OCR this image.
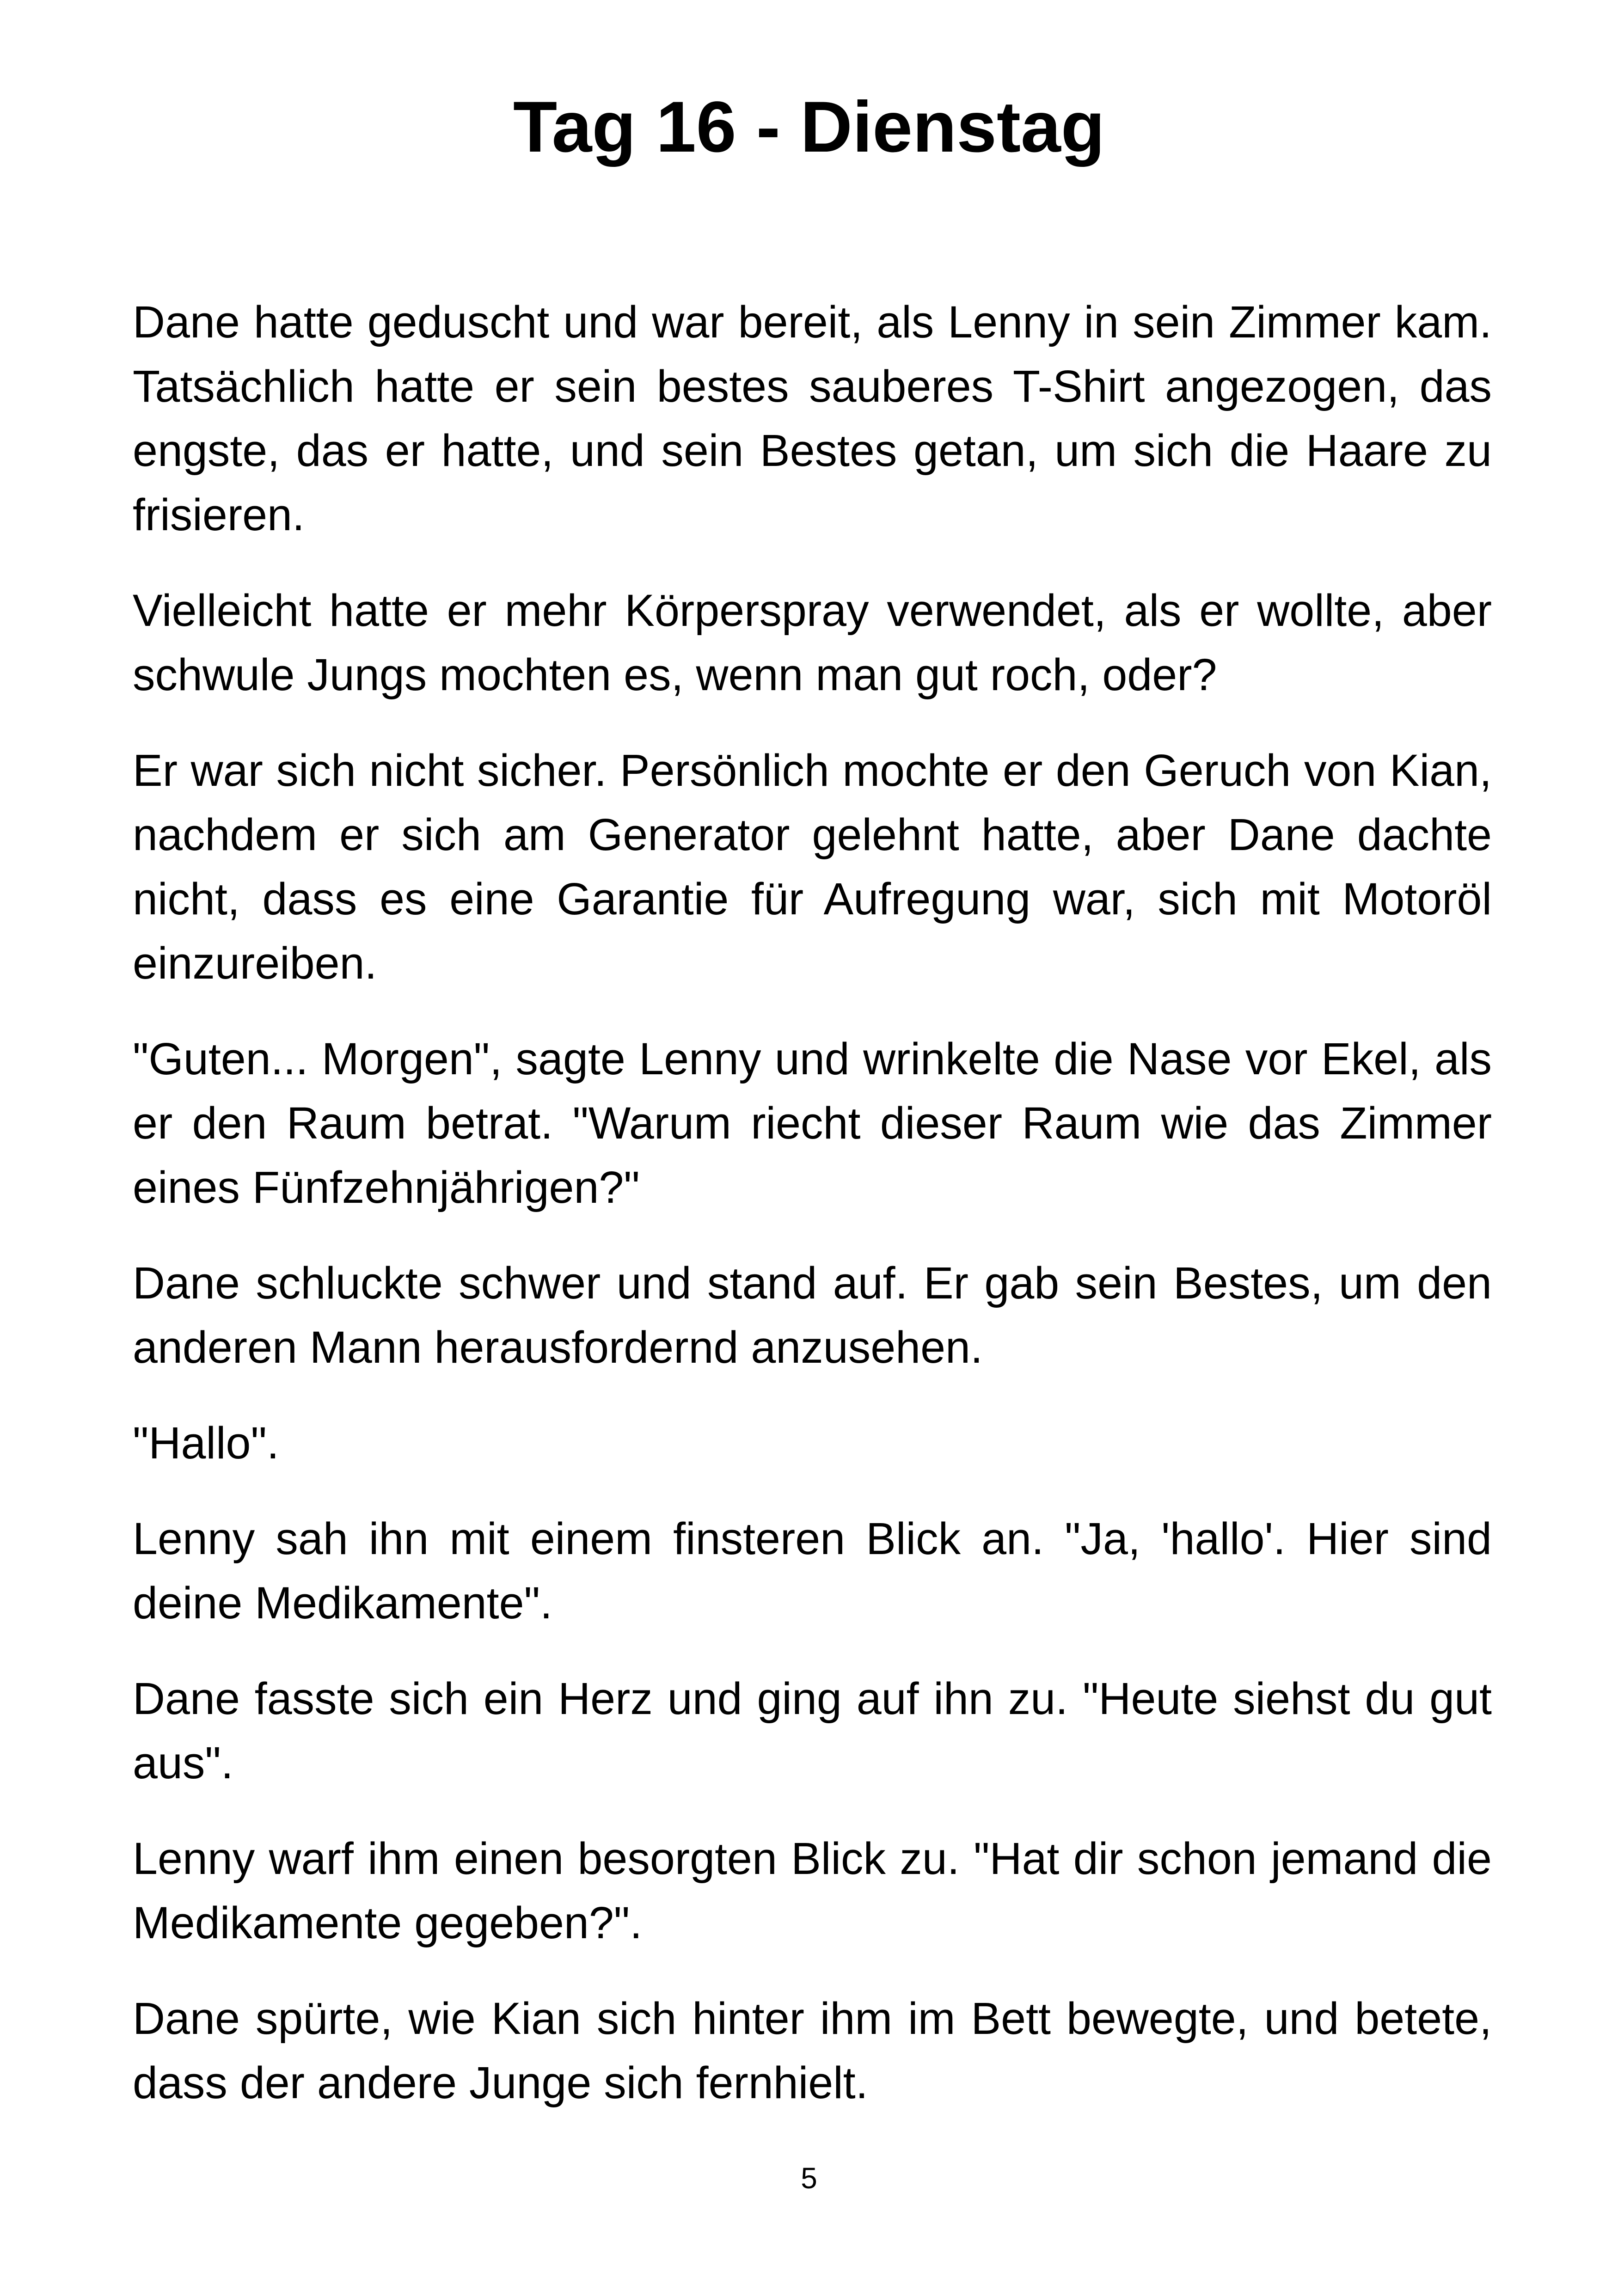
Tag 16 - Dienstag

Dane hatte geduscht und war bereit, als Lenny in sein Zimmer kam. Tatsächlich hatte er sein bestes sauberes T-Shirt angezogen, das engste, das er hatte, und sein Bestes getan, um sich die Haare zu frisieren.

Vielleicht hatte er mehr Körperspray verwendet, als er wollte, aber schwule Jungs mochten es, wenn man gut roch, oder?

Er war sich nicht sicher. Persönlich mochte er den Geruch von Kian, nachdem er sich am Generator gelehnt hatte, aber Dane dachte nicht, dass es eine Garantie für Aufregung war, sich mit Motoröl einzureiben.

"Guten... Morgen", sagte Lenny und wrinkelte die Nase vor Ekel, als er den Raum betrat. "Warum riecht dieser Raum wie das Zimmer eines Fünfzehnjährigen?"

Dane schluckte schwer und stand auf. Er gab sein Bestes, um den anderen Mann herausfordernd anzusehen.

"Hallo".

Lenny sah ihn mit einem finsteren Blick an. "Ja, 'hallo'. Hier sind deine Medikamente".

Dane fasste sich ein Herz und ging auf ihn zu. "Heute siehst du gut aus".

Lenny warf ihm einen besorgten Blick zu. "Hat dir schon jemand die Medikamente gegeben?".

Dane spürte, wie Kian sich hinter ihm im Bett bewegte, und betete, dass der andere Junge sich fernhielt.

5
